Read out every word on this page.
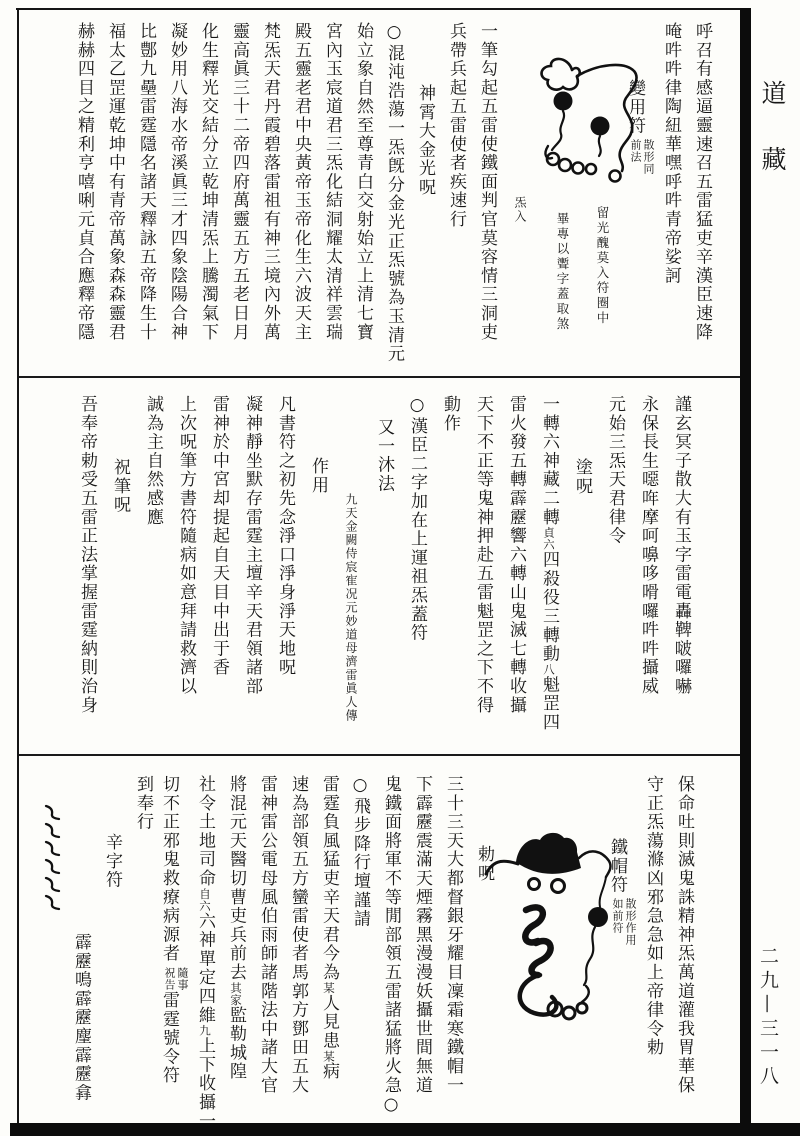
道
藏
二九—三一八
呼召有感逼靈速召五雷猛吏辛漢臣速降
唵吽吽律陶紐華嘿呼吽青帝娑訶
變用符
散形同
前法
一筆勾起五雷使鐵面判官莫容情三洞吏
兵帶兵起五雷使者疾速行
神霄大金光呪
○混沌浩蕩一炁旣分金光正炁號為玉清元
始立象自然至尊青白交射始立上清七寶
宮內玉宸道君三炁化結洞耀太清祥雲瑞
殿五靈老君中央黃帝玉帝化生六波天主
梵炁天君丹霞碧落雷祖有神三境內外萬
靈高眞三十二帝四府萬靈五方五老日月
化生釋光交結分立乾坤清炁上騰濁氣下
凝妙用八海水帝溪眞三才四象陰陽合神
比鄷九壘雷霆隱名諸天釋詠五帝降生十
福太乙罡運乾坤中有青帝萬象森森靈君
赫赫四目之精利亨嘻唎元貞合應釋帝隱
謹玄冥子散大有玉字雷電轟鞞啵囉嚇
永保長生噁哖摩呵嚊哆嗗囉吽吽攝威
元始三炁天君律令
塗呪
一轉六神藏二轉貞六四殺役三轉動八魁罡四
雷火發五轉霹靂響六轉山鬼滅七轉收攝
天下不正等鬼神押赴五雷魁罡之下不得
動作
○漢臣二字加在上運祖炁蓋符
又一沐法
九天金闕侍宸寉况元妙道母濟雷眞人傳
作用
凡書符之初先念淨口淨身淨天地呪
凝神靜坐默存雷霆主壇辛天君領諸部
雷神於中宮却提起自天目中出于香
上次呪筆方書符隨病如意拜請救濟以
誠為主自然感應
祝筆呪
吾奉帝勅受五雷正法掌握雷霆納則治身
保命吐則滅鬼誅精神炁萬道灌我胃華保
守正炁蕩滌凶邪急急如上帝律令勅
鐵帽符
散形作用
如前符
勅呪
三十三天大都督銀牙耀目凜霜寒鐵帽一
下霹靂震滿天煙霧黑漫漫妖攝世間無道
鬼鐵面將軍不等閒部領五雷諸猛將火急○
○飛步降行壇謹請
雷霆負風猛吏辛天君今為某人見患某病
速為部領五方蠻雷使者馬郭方鄧田五大
雷神雷公電母風伯雨師諸階法中諸大官
將混元天醫切曹吏兵前去其家監勒城隍
社令土地司命自六六神單定四維九上下收攝一
切不正邪鬼救療病源者
隨事
祝告
雷霆號令符
到奉行
辛字符
霹靂鳴霹靂麈霹靂搻
炁入	留光醜莫入符圈中
畢專以聻字蓋取煞
